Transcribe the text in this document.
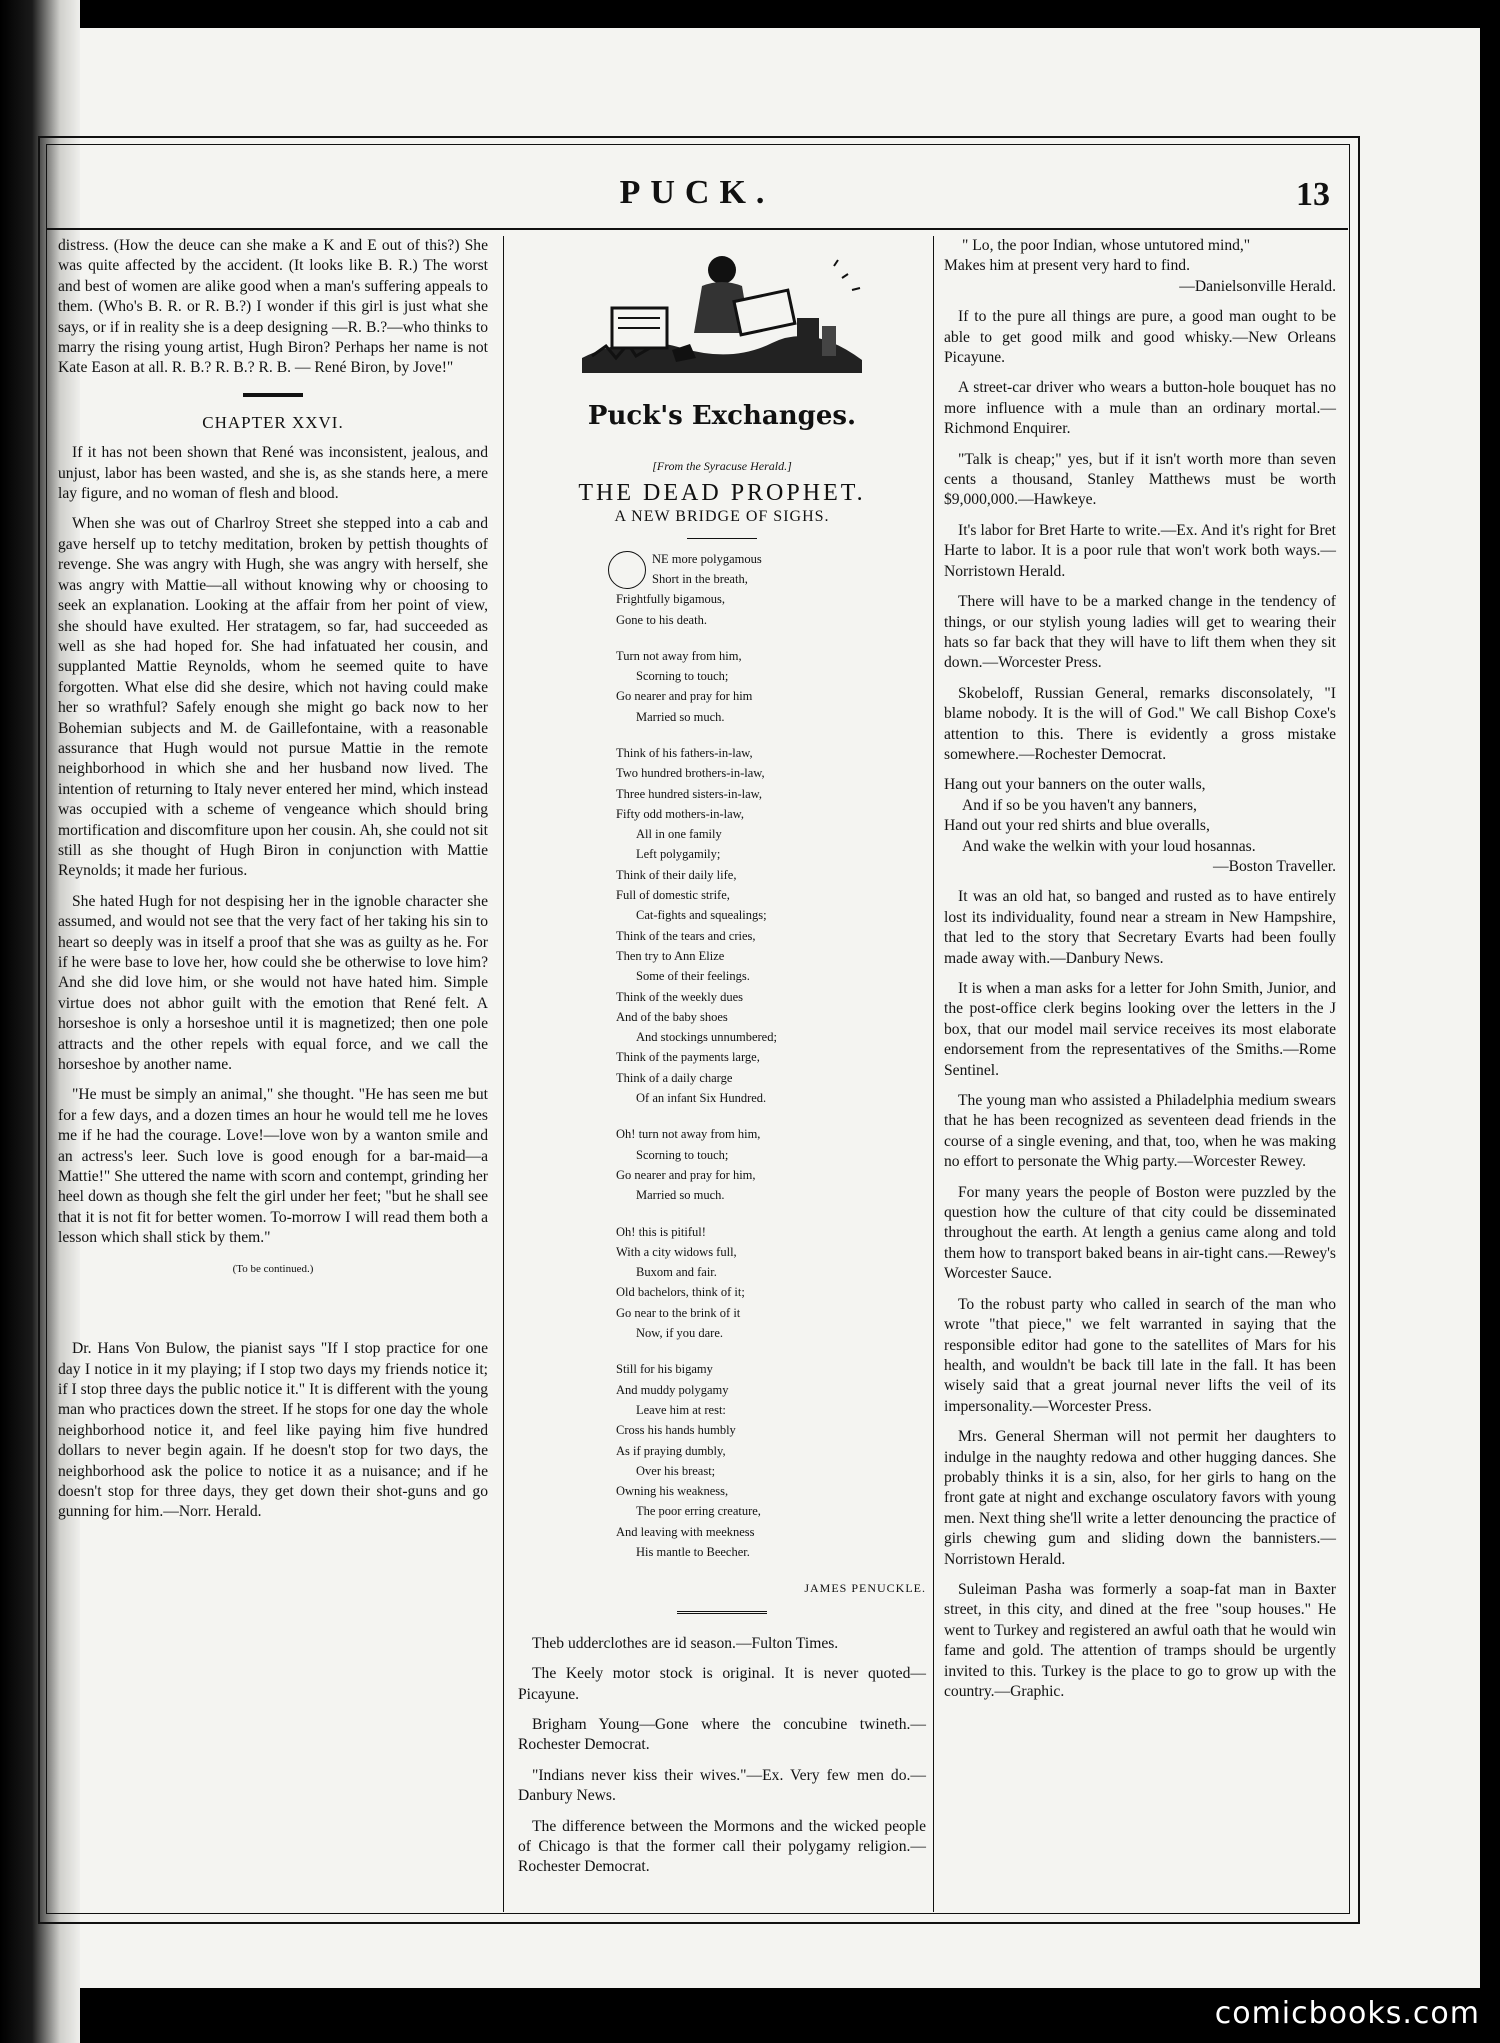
PUCK.	13

distress. (How the deuce can she make a K and E out of this?) She was quite affected by the accident. (It looks like B. R.) The worst and best of women are alike good when a man's suffering appeals to them. (Who's B. R. or R. B.?) I wonder if this girl is just what she says, or if in reality she is a deep designing —R. B.?—who thinks to marry the rising young artist, Hugh Biron? Perhaps her name is not Kate Eason at all. R. B.? R. B.? R. B. — René Biron, by Jove!"

CHAPTER XXVI.

If it has not been shown that René was inconsistent, jealous, and unjust, labor has been wasted, and she is, as she stands here, a mere lay figure, and no woman of flesh and blood.

When she was out of Charlroy Street she stepped into a cab and gave herself up to tetchy meditation, broken by pettish thoughts of revenge. She was angry with Hugh, she was angry with herself, she was angry with Mattie—all without knowing why or choosing to seek an explanation. Looking at the affair from her point of view, she should have exulted. Her stratagem, so far, had succeeded as well as she had hoped for. She had infatuated her cousin, and supplanted Mattie Reynolds, whom he seemed quite to have forgotten. What else did she desire, which not having could make her so wrathful? Safely enough she might go back now to her Bohemian subjects and M. de Gaillefontaine, with a reasonable assurance that Hugh would not pursue Mattie in the remote neighborhood in which she and her husband now lived. The intention of returning to Italy never entered her mind, which instead was occupied with a scheme of vengeance which should bring mortification and discomfiture upon her cousin. Ah, she could not sit still as she thought of Hugh Biron in conjunction with Mattie Reynolds; it made her furious.

She hated Hugh for not despising her in the ignoble character she assumed, and would not see that the very fact of her taking his sin to heart so deeply was in itself a proof that she was as guilty as he. For if he were base to love her, how could she be otherwise to love him? And she did love him, or she would not have hated him. Simple virtue does not abhor guilt with the emotion that René felt. A horseshoe is only a horseshoe until it is magnetized; then one pole attracts and the other repels with equal force, and we call the horseshoe by another name.

"He must be simply an animal," she thought. "He has seen me but for a few days, and a dozen times an hour he would tell me he loves me if he had the courage. Love!—love won by a wanton smile and an actress's leer. Such love is good enough for a bar-maid—a Mattie!" She uttered the name with scorn and contempt, grinding her heel down as though she felt the girl under her feet; "but he shall see that it is not fit for better women. To-morrow I will read them both a lesson which shall stick by them."

(To be continued.)

Dr. Hans Von Bulow, the pianist says "If I stop practice for one day I notice in it my playing; if I stop two days my friends notice it; if I stop three days the public notice it." It is different with the young man who practices down the street. If he stops for one day the whole neighborhood notice it, and feel like paying him five hundred dollars to never begin again. If he doesn't stop for two days, the neighborhood ask the police to notice it as a nuisance; and if he doesn't stop for three days, they get down their shot-guns and go gunning for him.—Norr. Herald.

Puck's Exchanges.
[From the Syracuse Herald.]
THE DEAD PROPHET.
A NEW BRIDGE OF SIGHS.
NE more polygamous
Short in the breath,
Frightfully bigamous,
Gone to his death.
Turn not away from him,
Scorning to touch;
Go nearer and pray for him
Married so much.
Think of his fathers-in-law,
Two hundred brothers-in-law,
Three hundred sisters-in-law,
Fifty odd mothers-in-law,
All in one family
Left polygamily;
Think of their daily life,
Full of domestic strife,
Cat-fights and squealings;
Think of the tears and cries,
Then try to Ann Elize
Some of their feelings.
Think of the weekly dues
And of the baby shoes
And stockings unnumbered;
Think of the payments large,
Think of a daily charge
Of an infant Six Hundred.
Oh! turn not away from him,
Scorning to touch;
Go nearer and pray for him,
Married so much.
Oh! this is pitiful!
With a city widows full,
Buxom and fair.
Old bachelors, think of it;
Go near to the brink of it
Now, if you dare.
Still for his bigamy
And muddy polygamy
Leave him at rest:
Cross his hands humbly
As if praying dumbly,
Over his breast;
Owning his weakness,
The poor erring creature,
And leaving with meekness
His mantle to Beecher.
JAMES PENUCKLE.

Theb udderclothes are id season.—Fulton Times.

The Keely motor stock is original. It is never quoted—Picayune.

Brigham Young—Gone where the concubine twineth.—Rochester Democrat.

"Indians never kiss their wives."—Ex. Very few men do.—Danbury News.

The difference between the Mormons and the wicked people of Chicago is that the former call their polygamy religion.—Rochester Democrat.

" Lo, the poor Indian, whose untutored mind,"
Makes him at present very hard to find.
—Danielsonville Herald.

If to the pure all things are pure, a good man ought to be able to get good milk and good whisky.—New Orleans Picayune.

A street-car driver who wears a button-hole bouquet has no more influence with a mule than an ordinary mortal.—Richmond Enquirer.

"Talk is cheap;" yes, but if it isn't worth more than seven cents a thousand, Stanley Matthews must be worth $9,000,000.—Hawkeye.

It's labor for Bret Harte to write.—Ex. And it's right for Bret Harte to labor. It is a poor rule that won't work both ways.—Norristown Herald.

There will have to be a marked change in the tendency of things, or our stylish young ladies will get to wearing their hats so far back that they will have to lift them when they sit down.—Worcester Press.

Skobeloff, Russian General, remarks disconsolately, "I blame nobody. It is the will of God." We call Bishop Coxe's attention to this. There is evidently a gross mistake somewhere.—Rochester Democrat.

Hang out your banners on the outer walls,
And if so be you haven't any banners,
Hand out your red shirts and blue overalls,
And wake the welkin with your loud hosannas.
—Boston Traveller.

It was an old hat, so banged and rusted as to have entirely lost its individuality, found near a stream in New Hampshire, that led to the story that Secretary Evarts had been foully made away with.—Danbury News.

It is when a man asks for a letter for John Smith, Junior, and the post-office clerk begins looking over the letters in the J box, that our model mail service receives its most elaborate endorsement from the representatives of the Smiths.—Rome Sentinel.

The young man who assisted a Philadelphia medium swears that he has been recognized as seventeen dead friends in the course of a single evening, and that, too, when he was making no effort to personate the Whig party.—Worcester Rewey.

For many years the people of Boston were puzzled by the question how the culture of that city could be disseminated throughout the earth. At length a genius came along and told them how to transport baked beans in air-tight cans.—Rewey's Worcester Sauce.

To the robust party who called in search of the man who wrote "that piece," we felt warranted in saying that the responsible editor had gone to the satellites of Mars for his health, and wouldn't be back till late in the fall. It has been wisely said that a great journal never lifts the veil of its impersonality.—Worcester Press.

Mrs. General Sherman will not permit her daughters to indulge in the naughty redowa and other hugging dances. She probably thinks it is a sin, also, for her girls to hang on the front gate at night and exchange osculatory favors with young men. Next thing she'll write a letter denouncing the practice of girls chewing gum and sliding down the bannisters.—Norristown Herald.

Suleiman Pasha was formerly a soap-fat man in Baxter street, in this city, and dined at the free "soup houses." He went to Turkey and registered an awful oath that he would win fame and gold. The attention of tramps should be urgently invited to this. Turkey is the place to go to grow up with the country.—Graphic.

comicbooks.com
